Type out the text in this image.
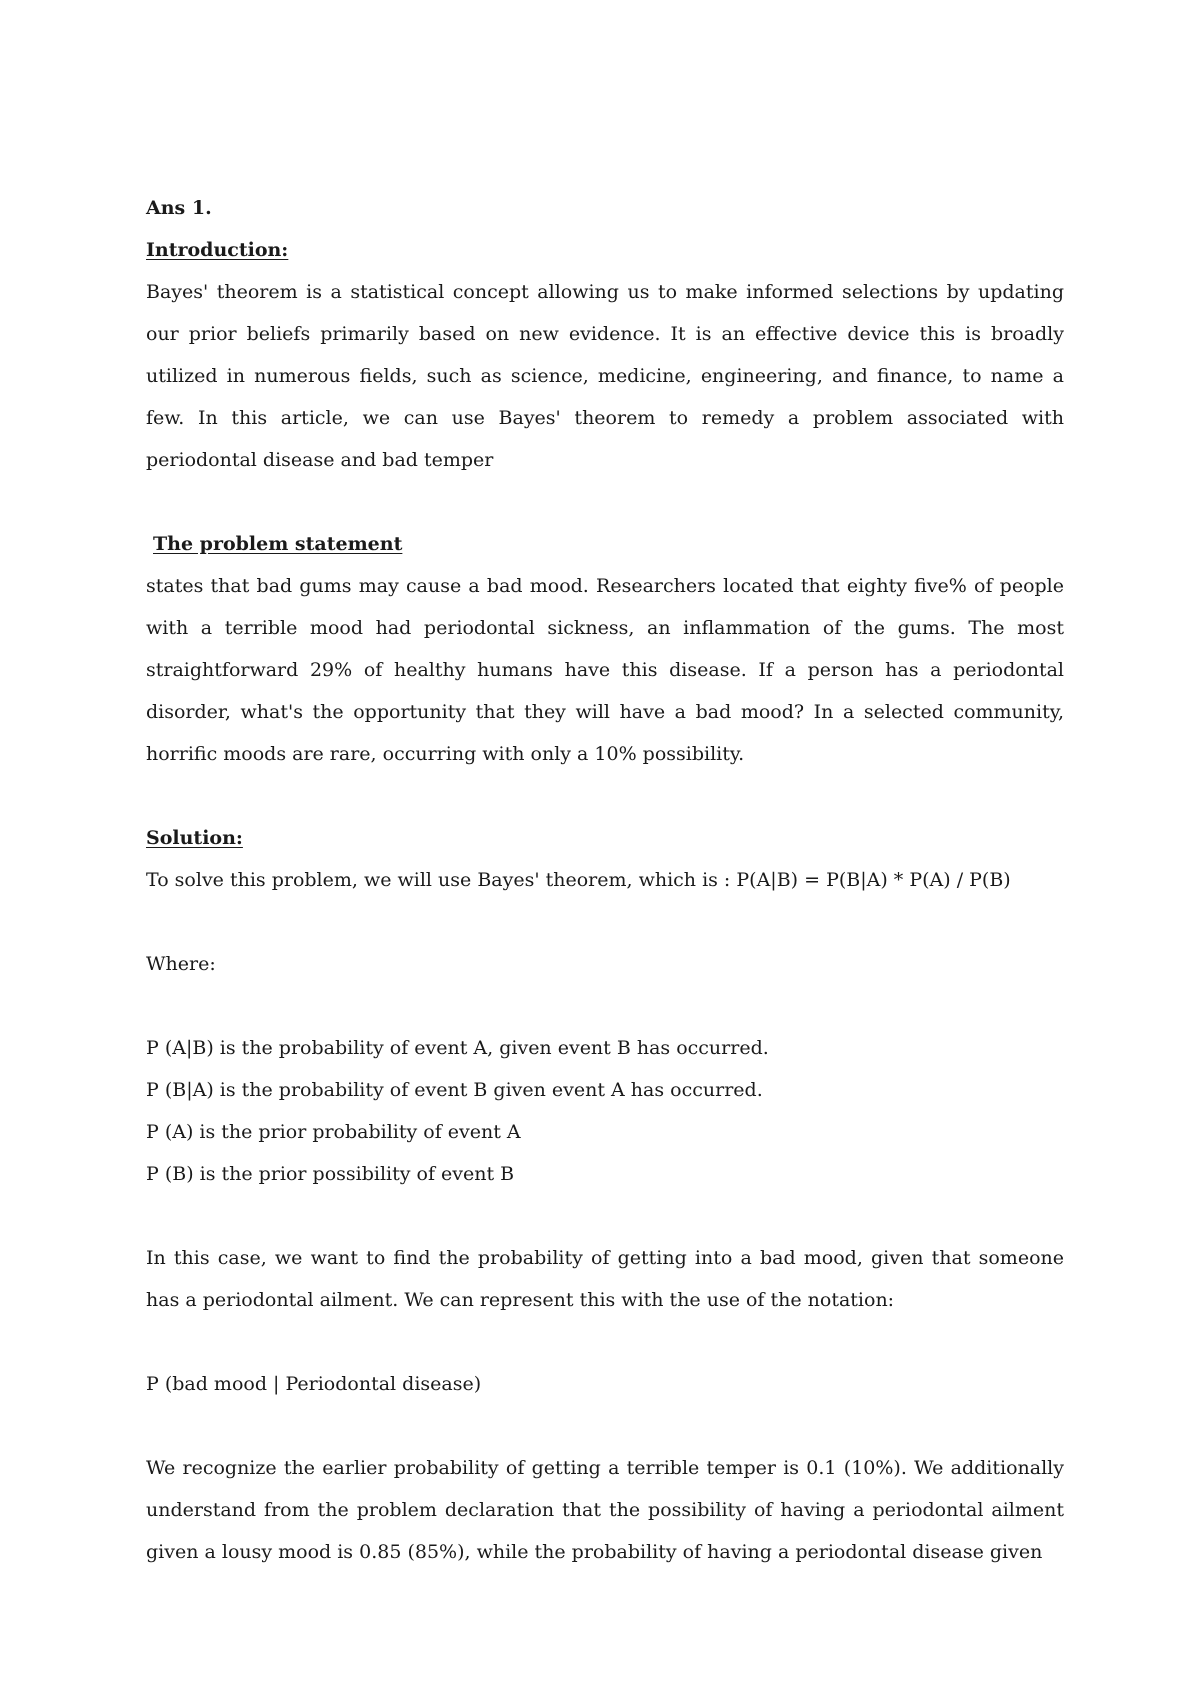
Ans 1.

Introduction:

Bayes' theorem is a statistical concept allowing us to make informed selections by updating our prior beliefs primarily based on new evidence. It is an effective device this is broadly utilized in numerous fields, such as science, medicine, engineering, and finance, to name a few. In this article, we can use Bayes' theorem to remedy a problem associated with periodontal disease and bad temper

The problem statement

states that bad gums may cause a bad mood. Researchers located that eighty five% of people with a terrible mood had periodontal sickness, an inflammation of the gums. The most straightforward 29% of healthy humans have this disease. If a person has a periodontal disorder, what's the opportunity that they will have a bad mood? In a selected community, horrific moods are rare, occurring with only a 10% possibility.

Solution:

To solve this problem, we will use Bayes' theorem, which is : P(A|B) = P(B|A) * P(A) / P(B)

Where:

P (A|B) is the probability of event A, given event B has occurred.

P (B|A) is the probability of event B given event A has occurred.

P (A) is the prior probability of event A

P (B) is the prior possibility of event B

In this case, we want to find the probability of getting into a bad mood, given that someone has a periodontal ailment. We can represent this with the use of the notation:

P (bad mood | Periodontal disease)

We recognize the earlier probability of getting a terrible temper is 0.1 (10%). We additionally understand from the problem declaration that the possibility of having a periodontal ailment given a lousy mood is 0.85 (85%), while the probability of having a periodontal disease given
